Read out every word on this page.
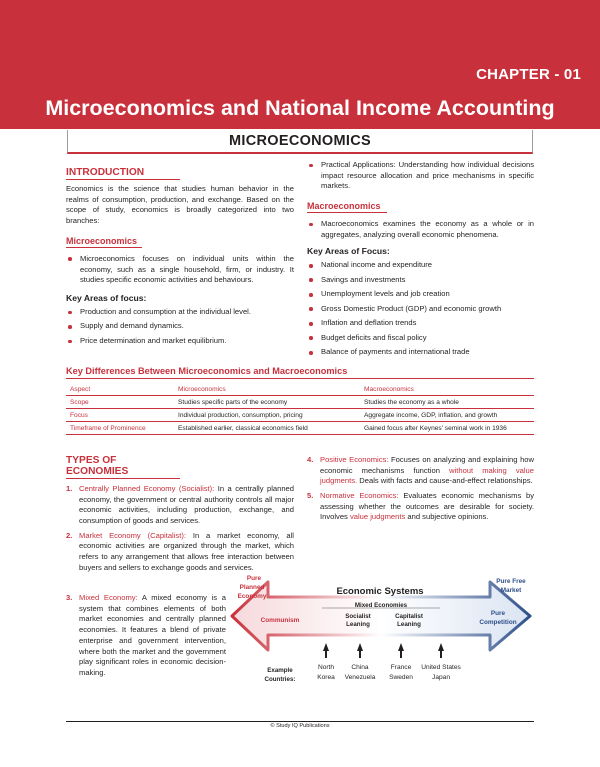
CHAPTER - 01
Microeconomics and National Income Accounting
MICROECONOMICS
INTRODUCTION
Economics is the science that studies human behavior in the realms of consumption, production, and exchange. Based on the scope of study, economics is broadly categorized into two branches:
Microeconomics
Microeconomics focuses on individual units within the economy, such as a single household, firm, or industry. It studies specific economic activities and behaviours.
Key Areas of focus:
Production and consumption at the individual level.
Supply and demand dynamics.
Price determination and market equilibrium.
Practical Applications: Understanding how individual decisions impact resource allocation and price mechanisms in specific markets.
Macroeconomics
Macroeconomics examines the economy as a whole or in aggregates, analyzing overall economic phenomena.
Key Areas of Focus:
National income and expenditure
Savings and investments
Unemployment levels and job creation
Gross Domestic Product (GDP) and economic growth
Inflation and deflation trends
Budget deficits and fiscal policy
Balance of payments and international trade
Key Differences Between Microeconomics and Macroeconomics
Aspect	Microeconomics	Macroeconomics
Scope	Studies specific parts of the economy	Studies the economy as a whole
Focus	Individual production, consumption, pricing	Aggregate income, GDP, inflation, and growth
Timeframe of Prominence	Established earlier, classical economics field	Gained focus after Keynes' seminal work in 1936
TYPES OF ECONOMIES
1. Centrally Planned Economy (Socialist): In a centrally planned economy, the government or central authority controls all major economic activities, including production, exchange, and consumption of goods and services.
2. Market Economy (Capitalist): In a market economy, all economic activities are organized through the market, which refers to any arrangement that allows free interaction between buyers and sellers to exchange goods and services.
3. Mixed Economy: A mixed economy is a system that combines elements of both market economies and centrally planned economies. It features a blend of private enterprise and government intervention, where both the market and the government play significant roles in economic decision-making.
4. Positive Economics: Focuses on analyzing and explaining how economic mechanisms function without making value judgments. Deals with facts and cause-and-effect relationships.
5. Normative Economics: Evaluates economic mechanisms by assessing whether the outcomes are desirable for society. Involves value judgments and subjective opinions.
Economic Systems
Pure
Planned
Economy
Pure Free
Market
Communism
Pure
Competition
Mixed Economies
Socialist
Leaning
Capitalist
Leaning
Example
Countries:
North
Korea
China
Venezuela
France
Sweden
United States
Japan
© Study IQ Publications
